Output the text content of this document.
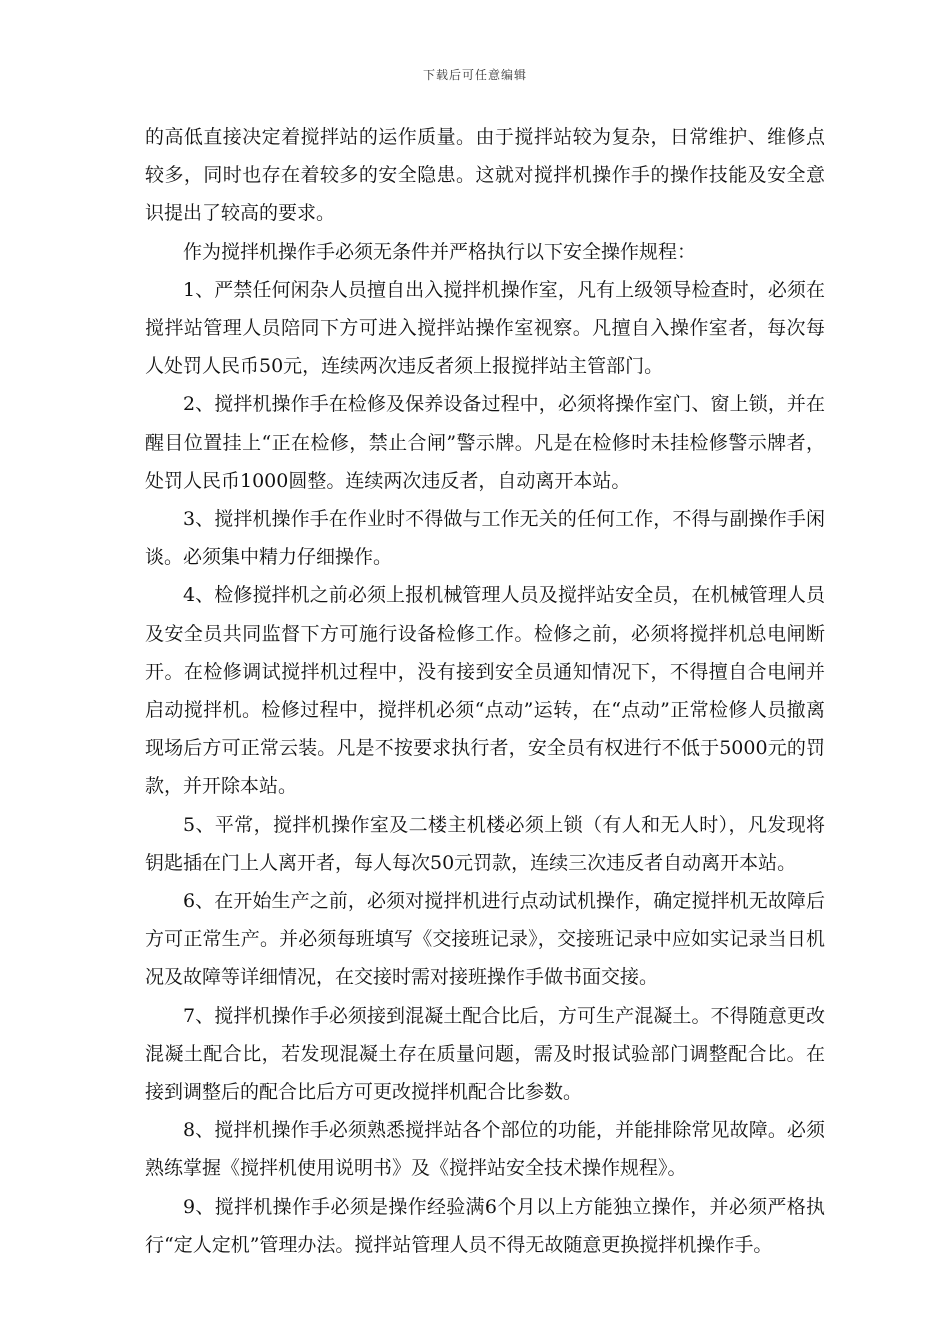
下载后可任意编辑

的高低直接决定着搅拌站的运作质量。由于搅拌站较为复杂，日常维护、维修点较多，同时也存在着较多的安全隐患。这就对搅拌机操作手的操作技能及安全意识提出了较高的要求。

作为搅拌机操作手必须无条件并严格执行以下安全操作规程：

1、严禁任何闲杂人员擅自出入搅拌机操作室，凡有上级领导检查时，必须在搅拌站管理人员陪同下方可进入搅拌站操作室视察。凡擅自入操作室者，每次每人处罚人民币50元，连续两次违反者须上报搅拌站主管部门。

2、搅拌机操作手在检修及保养设备过程中，必须将操作室门、窗上锁，并在醒目位置挂上“正在检修，禁止合闸”警示牌。凡是在检修时未挂检修警示牌者，处罚人民币1000圆整。连续两次违反者，自动离开本站。

3、搅拌机操作手在作业时不得做与工作无关的任何工作，不得与副操作手闲谈。必须集中精力仔细操作。

4、检修搅拌机之前必须上报机械管理人员及搅拌站安全员，在机械管理人员及安全员共同监督下方可施行设备检修工作。检修之前，必须将搅拌机总电闸断开。在检修调试搅拌机过程中，没有接到安全员通知情况下，不得擅自合电闸并启动搅拌机。检修过程中，搅拌机必须“点动”运转，在“点动”正常检修人员撤离现场后方可正常云装。凡是不按要求执行者，安全员有权进行不低于5000元的罚款，并开除本站。

5、平常，搅拌机操作室及二楼主机楼必须上锁（有人和无人时），凡发现将钥匙插在门上人离开者，每人每次50元罚款，连续三次违反者自动离开本站。

6、在开始生产之前，必须对搅拌机进行点动试机操作，确定搅拌机无故障后方可正常生产。并必须每班填写《交接班记录》，交接班记录中应如实记录当日机况及故障等详细情况，在交接时需对接班操作手做书面交接。

7、搅拌机操作手必须接到混凝土配合比后，方可生产混凝土。不得随意更改混凝土配合比，若发现混凝土存在质量问题，需及时报试验部门调整配合比。在接到调整后的配合比后方可更改搅拌机配合比参数。

8、搅拌机操作手必须熟悉搅拌站各个部位的功能，并能排除常见故障。必须熟练掌握《搅拌机使用说明书》及《搅拌站安全技术操作规程》。

9、搅拌机操作手必须是操作经验满6个月以上方能独立操作，并必须严格执行“定人定机”管理办法。搅拌站管理人员不得无故随意更换搅拌机操作手。
